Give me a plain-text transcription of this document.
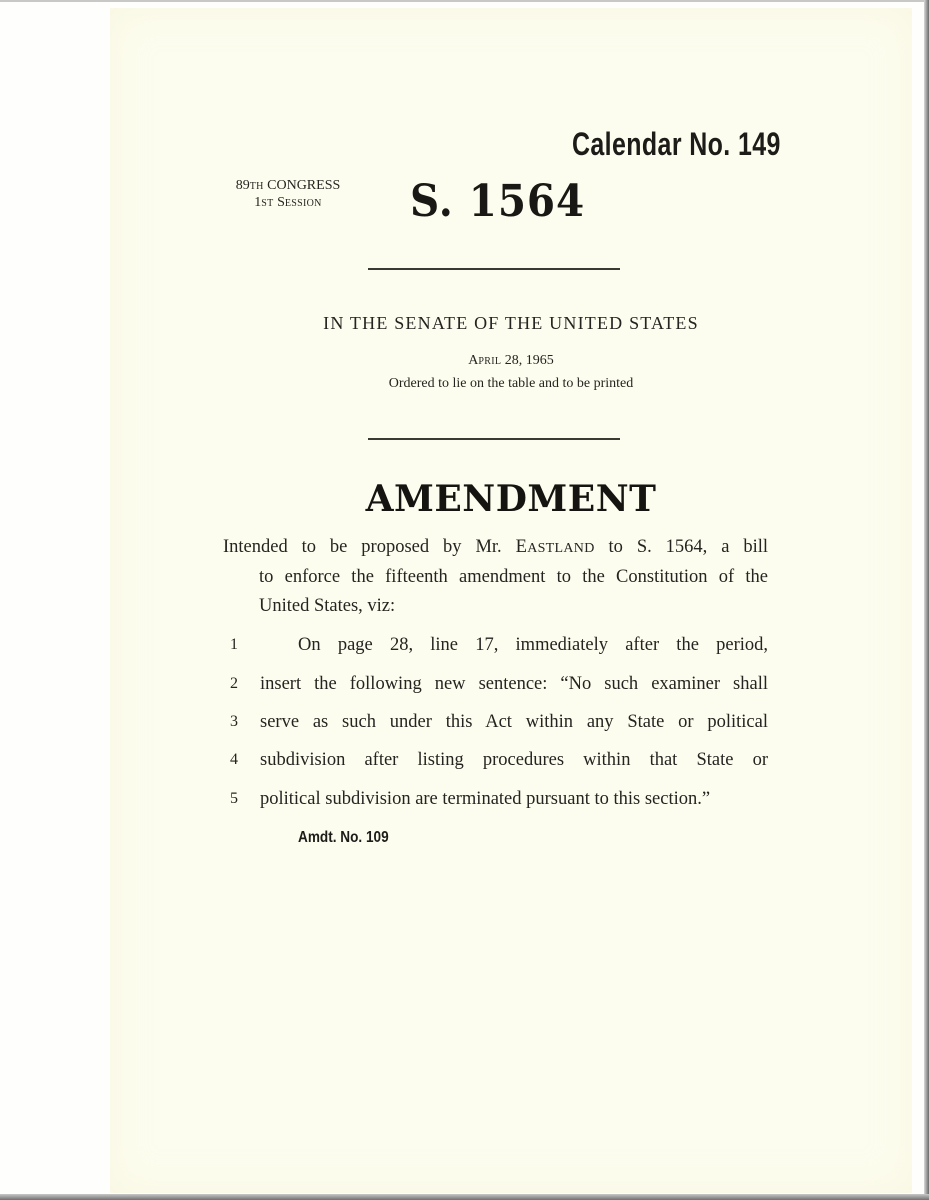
Calendar No. 149
89TH CONGRESS
1ST SESSION	S. 1564
IN THE SENATE OF THE UNITED STATES
APRIL 28, 1965
Ordered to lie on the table and to be printed
AMENDMENT
Intended to be proposed by Mr. EASTLAND to S. 1564, a bill
to enforce the fifteenth amendment to the Constitution of the
United States, viz:
1	On page 28, line 17, immediately after the period,
2	insert the following new sentence: “No such examiner shall
3	serve as such under this Act within any State or political
4	subdivision after listing procedures within that State or
5	political subdivision are terminated pursuant to this section.”
Amdt. No. 109
